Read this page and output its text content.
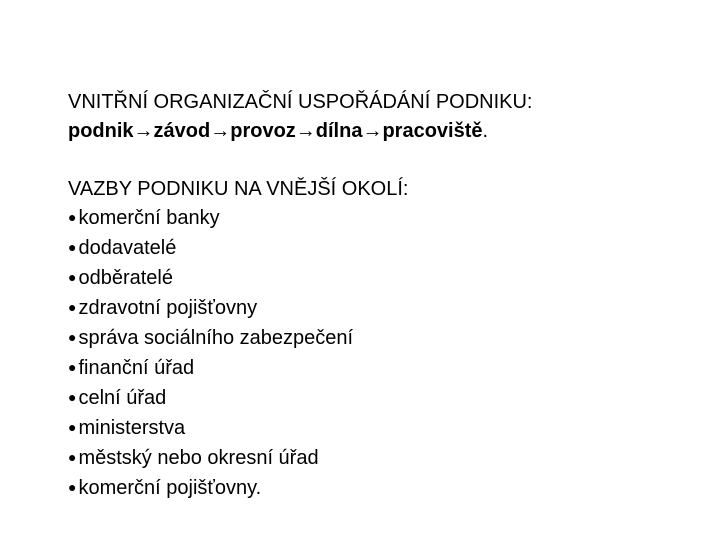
VNITŘNÍ ORGANIZAČNÍ USPOŘÁDÁNÍ PODNIKU:
podnik→závod→provoz→dílna→pracoviště.
VAZBY PODNIKU NA VNĚJŠÍ OKOLÍ:
● komerční banky
● dodavatelé
● odběratelé
● zdravotní pojišťovny
● správa sociálního zabezpečení
● finanční úřad
● celní úřad
● ministerstva
● městský nebo okresní úřad
● komerční pojišťovny.
